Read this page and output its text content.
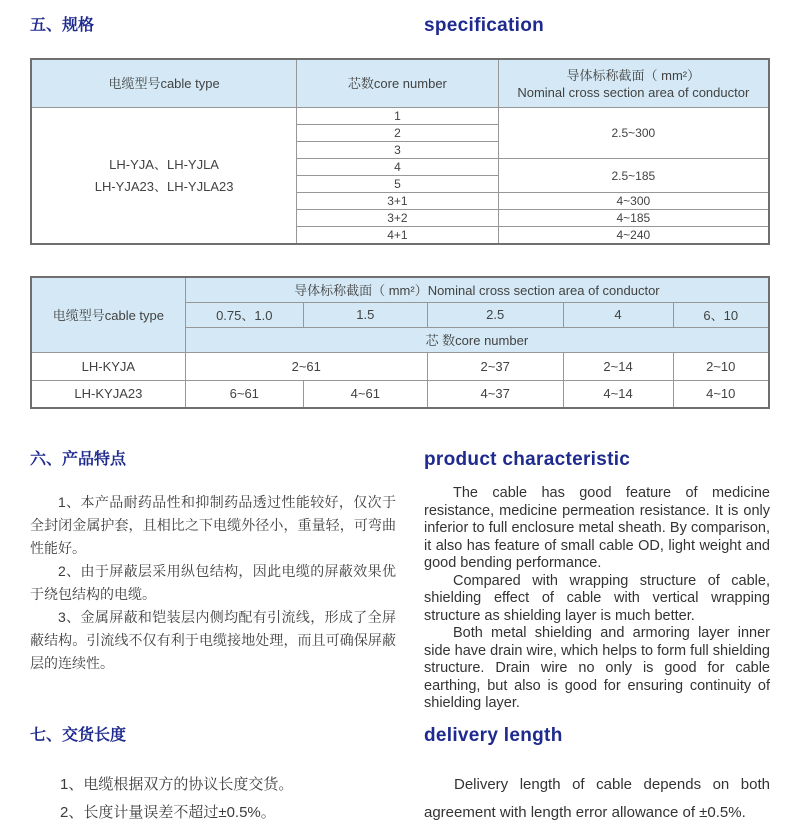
五、规格	specification
电缆型号cable type	芯数core number	导体标称截面（ mm²）
Nominal cross section area of conductor

LH-YJA、LH-YJLA
LH-YJA23、LH-YJLA23	1	2.5~300
	2	
	3	
	4	2.5~185
	5	
	3+1	4~300
	3+2	4~185
	4+1	4~240
电缆型号cable type	导体标称截面（ mm²）Nominal cross section area of conductor				
	0.75、1.0	1.5	2.5	4	6、10
	芯 数core number				
LH-KYJA	2~61		2~37	2~14	2~10
LH-KYJA23	6~61	4~61	4~37	4~14	4~10
六、产品特点

1、本产品耐药品性和抑制药品透过性能较好，仅次于全封闭金属护套，且相比之下电缆外径小，重量轻，可弯曲性能好。

2、由于屏蔽层采用纵包结构，因此电缆的屏蔽效果优于绕包结构的电缆。

3、金属屏蔽和铠装层内侧均配有引流线，形成了全屏蔽结构。引流线不仅有利于电缆接地处理，而且可确保屏蔽层的连续性。

product characteristic

The cable has good feature of medicine resistance, medicine permeation resistance. It is only inferior to full enclosure metal sheath. By comparison, it also has feature of small cable OD, light weight and good bending performance.

Compared with wrapping structure of cable, shielding effect of cable with vertical wrapping structure as shielding layer is much better.

Both metal shielding and armoring layer inner side have drain wire, which helps to form full shielding structure. Drain wire no only is good for cable earthing, but also is good for ensuring continuity of shielding layer.

七、交货长度

1、电缆根据双方的协议长度交货。

2、长度计量误差不超过±0.5%。

delivery length

Delivery length of cable depends on both agreement with length error allowance of ±0.5%.
